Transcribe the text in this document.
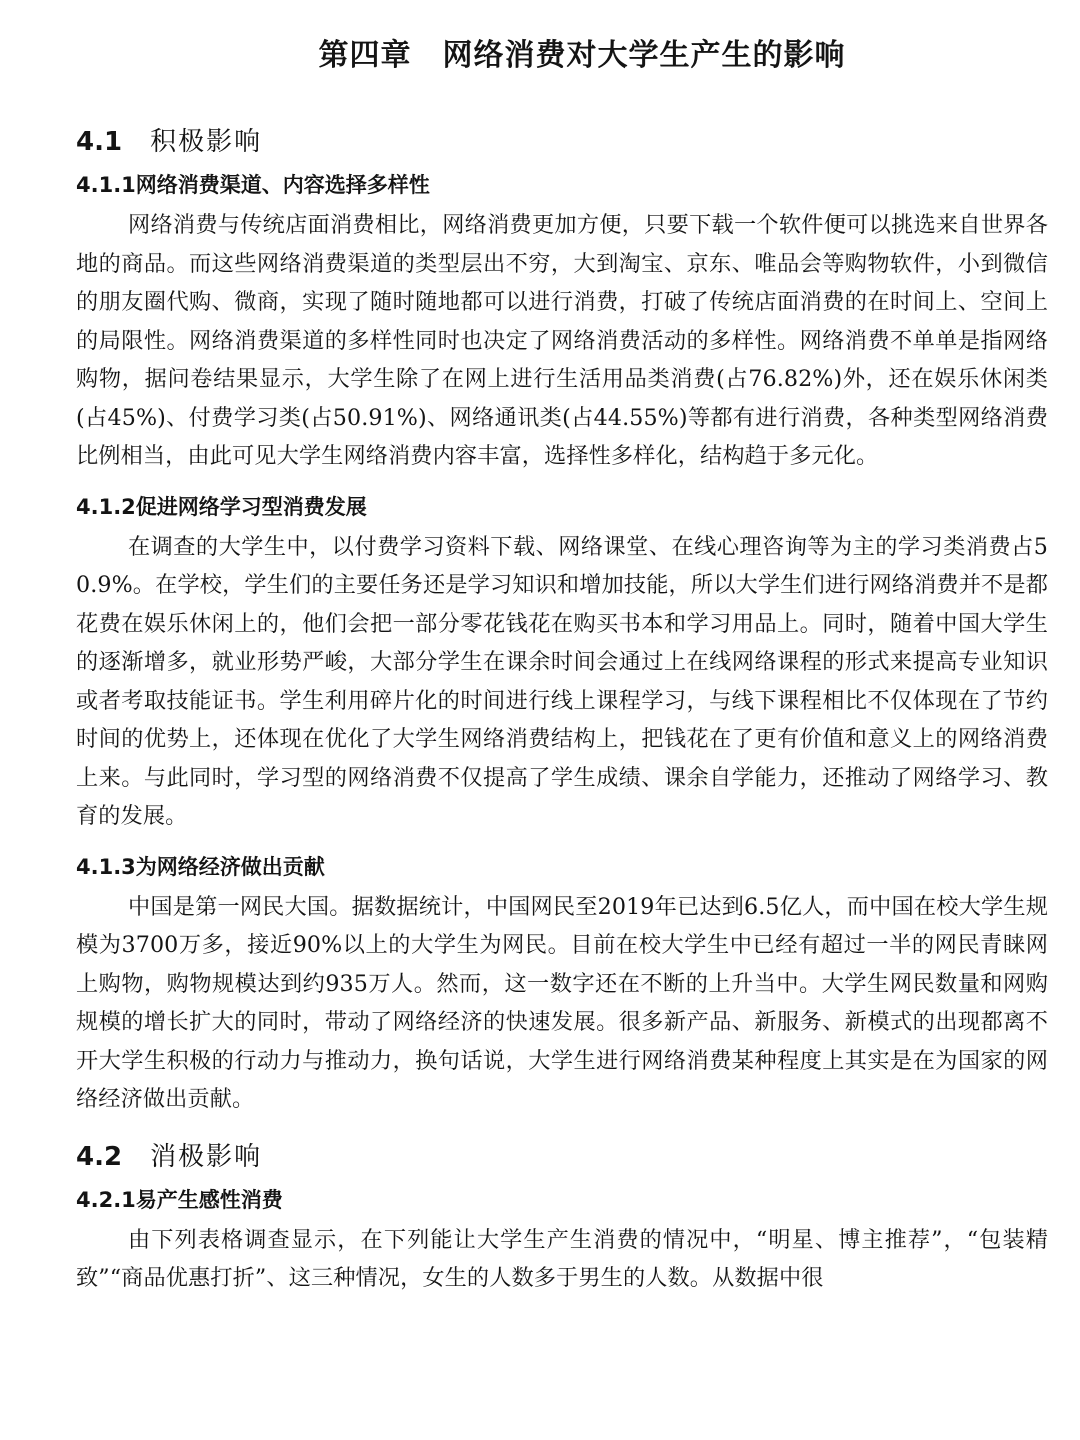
第四章　网络消费对大学生产生的影响
4.1 积极影响
4.1.1网络消费渠道、内容选择多样性

网络消费与传统店面消费相比，网络消费更加方便，只要下载一个软件便可以挑选来自世界各地的商品。而这些网络消费渠道的类型层出不穷，大到淘宝、京东、唯品会等购物软件，小到微信的朋友圈代购、微商，实现了随时随地都可以进行消费，打破了传统店面消费的在时间上、空间上的局限性。网络消费渠道的多样性同时也决定了网络消费活动的多样性。网络消费不单单是指网络购物，据问卷结果显示，大学生除了在网上进行生活用品类消费(占76.82%)外，还在娱乐休闲类(占45%)、付费学习类(占50.91%)、网络通讯类(占44.55%)等都有进行消费，各种类型网络消费比例相当，由此可见大学生网络消费内容丰富，选择性多样化，结构趋于多元化。

4.1.2促进网络学习型消费发展

在调查的大学生中，以付费学习资料下载、网络课堂、在线心理咨询等为主的学习类消费占50.9%。在学校，学生们的主要任务还是学习知识和增加技能，所以大学生们进行网络消费并不是都花费在娱乐休闲上的，他们会把一部分零花钱花在购买书本和学习用品上。同时，随着中国大学生的逐渐增多，就业形势严峻，大部分学生在课余时间会通过上在线网络课程的形式来提高专业知识或者考取技能证书。学生利用碎片化的时间进行线上课程学习，与线下课程相比不仅体现在了节约时间的优势上，还体现在优化了大学生网络消费结构上，把钱花在了更有价值和意义上的网络消费上来。与此同时，学习型的网络消费不仅提高了学生成绩、课余自学能力，还推动了网络学习、教育的发展。

4.1.3为网络经济做出贡献

中国是第一网民大国。据数据统计，中国网民至2019年已达到6.5亿人，而中国在校大学生规模为3700万多，接近90%以上的大学生为网民。目前在校大学生中已经有超过一半的网民青睐网上购物，购物规模达到约935万人。然而，这一数字还在不断的上升当中。大学生网民数量和网购规模的增长扩大的同时，带动了网络经济的快速发展。很多新产品、新服务、新模式的出现都离不开大学生积极的行动力与推动力，换句话说，大学生进行网络消费某种程度上其实是在为国家的网络经济做出贡献。

4.2 消极影响
4.2.1易产生感性消费

由下列表格调查显示，在下列能让大学生产生消费的情况中，“明星、博主推荐”，“包装精致”“商品优惠打折”、这三种情况，女生的人数多于男生的人数。从数据中很
